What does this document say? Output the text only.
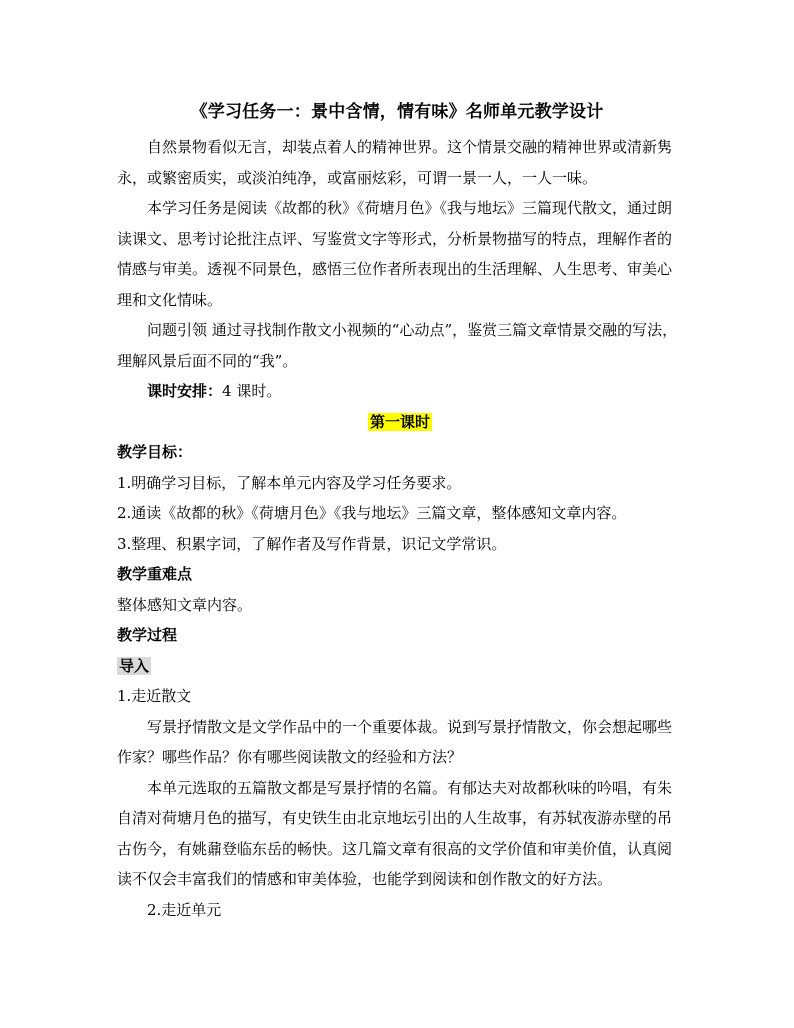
《学习任务一：景中含情，情有味》名师单元教学设计

自然景物看似无言，却装点着人的精神世界。这个情景交融的精神世界或清新隽永，或繁密质实，或淡泊纯净，或富丽炫彩，可谓一景一人，一人一味。

本学习任务是阅读《故都的秋》《荷塘月色》《我与地坛》三篇现代散文，通过朗读课文、思考讨论批注点评、写鉴赏文字等形式，分析景物描写的特点，理解作者的情感与审美。透视不同景色，感悟三位作者所表现出的生活理解、人生思考、审美心理和文化情味。

问题引领 通过寻找制作散文小视频的“心动点”，鉴赏三篇文章情景交融的写法，理解风景后面不同的“我”。

课时安排：4 课时。

第一课时

教学目标：

1.明确学习目标，了解本单元内容及学习任务要求。

2.通读《故都的秋》《荷塘月色》《我与地坛》三篇文章，整体感知文章内容。

3.整理、积累字词，了解作者及写作背景，识记文学常识。

教学重难点

整体感知文章内容。

教学过程

导入

1.走近散文

写景抒情散文是文学作品中的一个重要体裁。说到写景抒情散文，你会想起哪些作家？哪些作品？你有哪些阅读散文的经验和方法？

本单元选取的五篇散文都是写景抒情的名篇。有郁达夫对故都秋味的吟唱，有朱自清对荷塘月色的描写，有史铁生由北京地坛引出的人生故事，有苏轼夜游赤壁的吊古伤今，有姚鼐登临东岳的畅快。这几篇文章有很高的文学价值和审美价值，认真阅读不仅会丰富我们的情感和审美体验，也能学到阅读和创作散文的好方法。

2.走近单元
